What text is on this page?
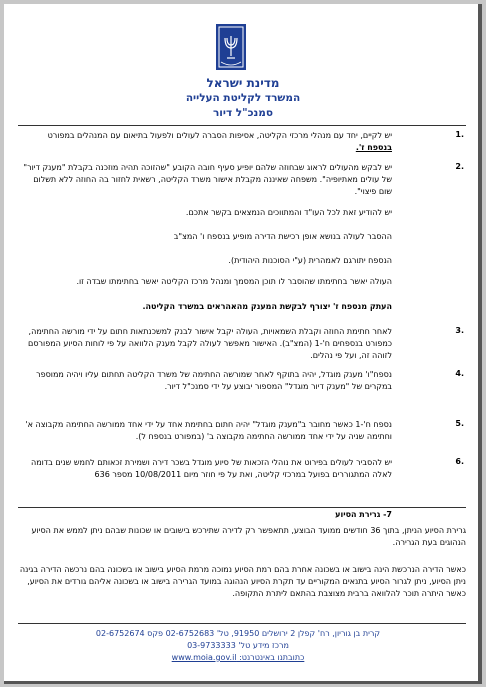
מדינת ישראל
המשרד לקליטת העלייה
סמנכ"ל דיור
1.
יש לקיים, יחד עם מנהלי מרכזי הקליטה, אסיפות הסברה לעולים ולפעול בתיאום עם המנהלים במפורט בנספח ז'.
2.
יש לבקש מהעולים לראוג שבחוזה שלהם יופיע סעיף חובה הקובע "שהזוכה תהיה מוזכנה בקבלת "מענק דיור" של עולים מאתיופיה". משפחה שאיננה מקבלת אישור משרד הקליטה, רשאית לחזור בה החוזה ללא תשלום שום פיצוי".
יש להודיע זאת לכל העו"ד והמתווכים הנמצאים בקשר אתכם.
ההסבר לעולה בנושא אופן רכישת הדירה מופיע בנספח ו' המצ"ב
הנספח יתורגם לאמהרית (ע"י הסוכנות היהודית).
העולה יאשר בחתימתו שהוסבר לו תוכן המסמך ומנהל מרכז הקליטה יאשר בחתימתו שבדה זו.
העתק מנספח ז' יצורף לבקשת המענק מהאהראים במשרד הקליטה.
3.
לאחר חתימת החוזה וקבלת השמאויות, העולה יקבל אישור לבנק למשכנתאות חתום על ידי מורשה החתימה, כמפורט בנספחים ח'-1 (המצ"ב). האישור מאפשר לעולה לקבל מענק הלוואה על פי לוחות הסיוע המפורסם לזוהה זה, ועל פי נהלים.
4.
נספח"ו' מענק מוגדל, יהיה בתוקף לאחר שמורשה החתימה של משרד הקליטה תחתום עליו ויהיה ממוספר במקרים של "מענק דיור מוגדל" המספור יבוצע על ידי סמנכ"ל דיור.
5.
נספח ח'-1 כאשר מחובר ב"מענק מוגדל" יהיה חתום בחתימת אחד על ידי אחד ממורשה החתימה מקבוצה א' וחתימה שניה על ידי אחד ממורשה החתימה מקבוצה ב' (במפורט בנספח ל).
6.
יש להסביר לעולים בפירוט את נוהלי הזכאות של סיוע מוגדל בשכר דירה ושמירת זכאותם לחמש שנים בדומה לאלה המתגוררים בפועל במרכזי קליטה, ואת על פי חוזר מיום 10/08/2011 מספר 636
7- גרירת הסיוע
גרירת הסיוע הניתן, בתוך 36 חודשים ממועד הבוצע, תתאפשר רק לדירה שתירכש בישובים או שכונות שבהם ניתן לממש את הסיוע הנהוגים בעת הגרירה.
כאשר הדירה הנרכשת הינה בישוב או בשכונה אחרת בהם רמת הסיוע נמוכה מרמת הסיוע בישוב או בשכונה בהם נרכשה הדירה בגינה ניתן הסיוע, ניתן לגרור הסיוע בתנאים המקוריים עד תקרת הסיוע הנהוגה במועד הגרירה בישוב או בשכונה אליהם גורדים את הסיוע, כאשר היתרה תוכר להלוואה ברבית מצוצבת בהתאם ליתרת התקופה.
קרית בן גוריון, רח' קפלן 2 ירושלים 91950, טל' 02-6752683 פקס 02-6752674
מרכז מידע טל' 03-9733333
כתובתנו באינטרנט: www.moia.gov.il
